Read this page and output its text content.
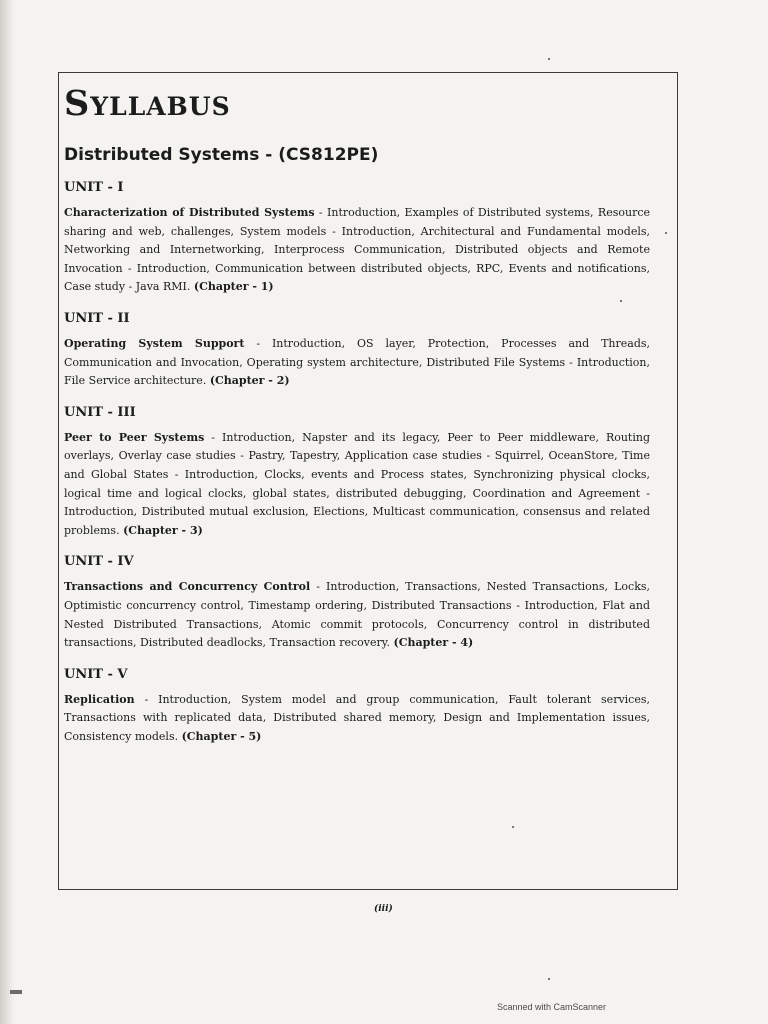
Syllabus
Distributed Systems - (CS812PE)
UNIT - I

Characterization of Distributed Systems - Introduction, Examples of Distributed systems, Resource sharing and web, challenges, System models - Introduction, Architectural and Fundamental models, Networking and Internetworking, Interprocess Communication, Distributed objects and Remote Invocation - Introduction, Communication between distributed objects, RPC, Events and notifications, Case study - Java RMI. (Chapter - 1)

UNIT - II

Operating System Support - Introduction, OS layer, Protection, Processes and Threads, Communication and Invocation, Operating system architecture, Distributed File Systems - Introduction, File Service architecture. (Chapter - 2)

UNIT - III

Peer to Peer Systems - Introduction, Napster and its legacy, Peer to Peer middleware, Routing overlays, Overlay case studies - Pastry, Tapestry, Application case studies - Squirrel, OceanStore, Time and Global States - Introduction, Clocks, events and Process states, Synchronizing physical clocks, logical time and logical clocks, global states, distributed debugging, Coordination and Agreement - Introduction, Distributed mutual exclusion, Elections, Multicast communication, consensus and related problems. (Chapter - 3)

UNIT - IV

Transactions and Concurrency Control - Introduction, Transactions, Nested Transactions, Locks, Optimistic concurrency control, Timestamp ordering, Distributed Transactions - Introduction, Flat and Nested Distributed Transactions, Atomic commit protocols, Concurrency control in distributed transactions, Distributed deadlocks, Transaction recovery. (Chapter - 4)

UNIT - V

Replication - Introduction, System model and group communication, Fault tolerant services, Transactions with replicated data, Distributed shared memory, Design and Implementation issues, Consistency models. (Chapter - 5)

(iii)
Scanned with CamScanner
